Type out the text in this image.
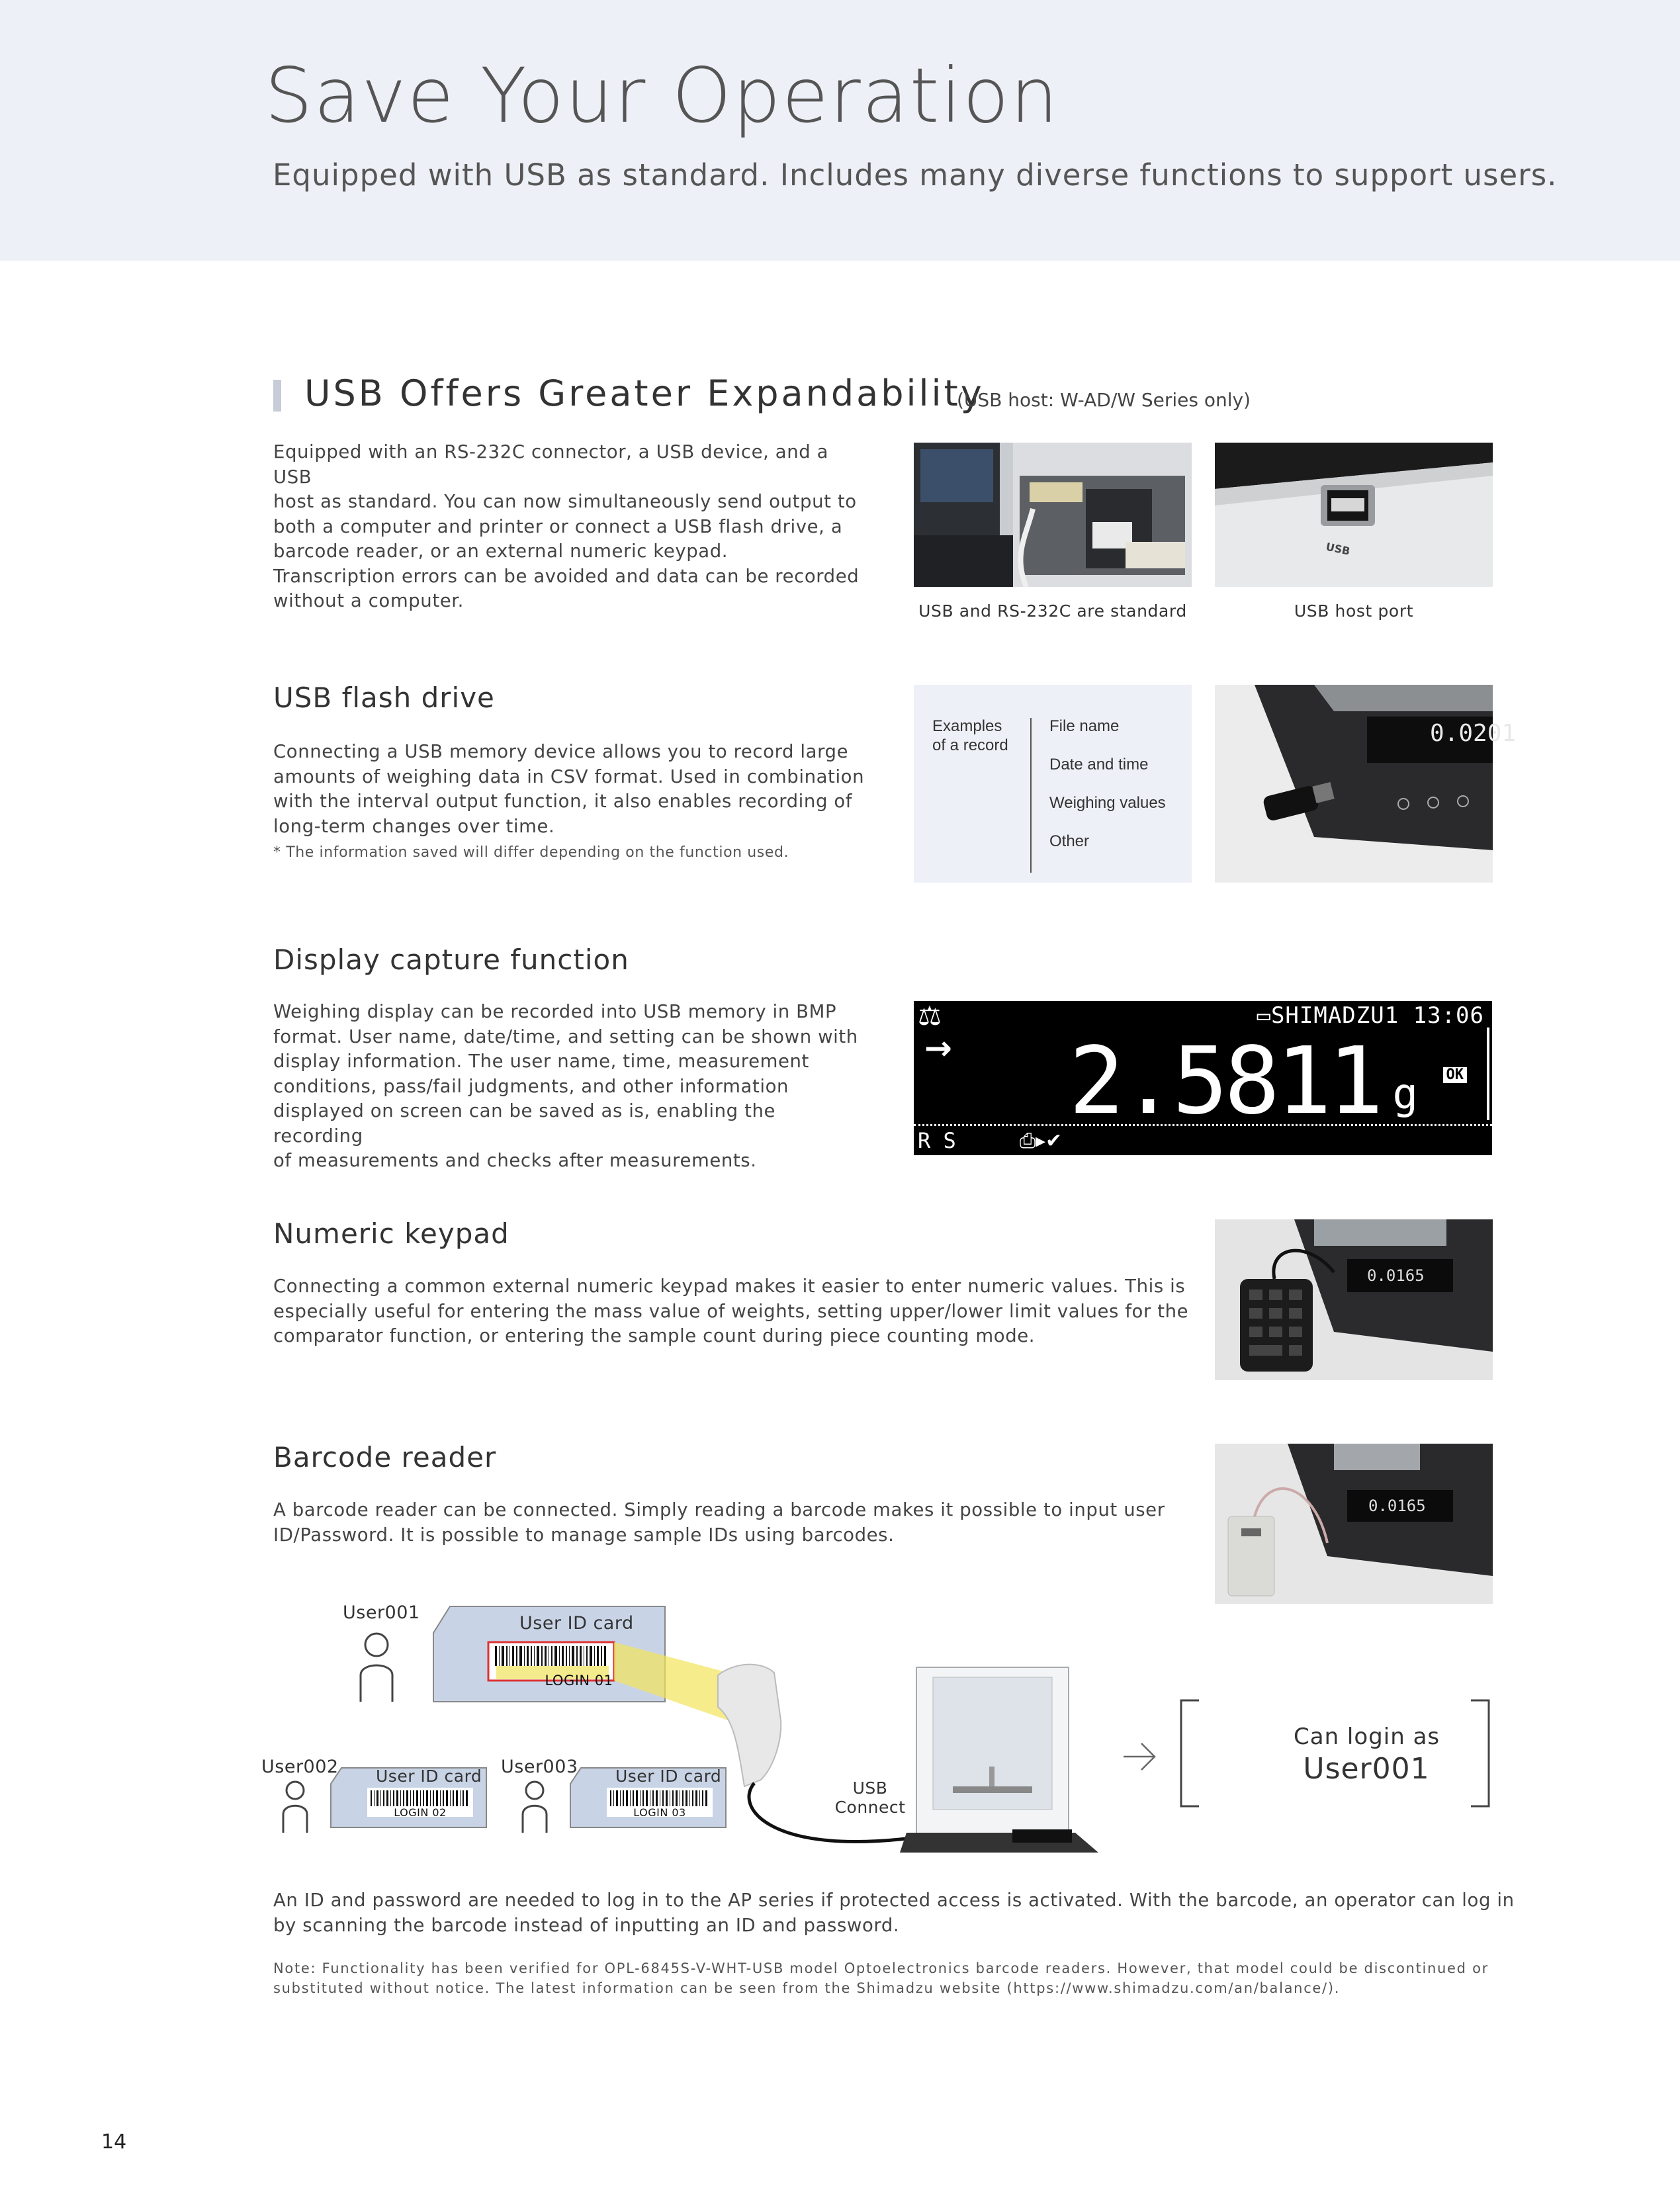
Save Your Operation
Equipped with USB as standard. Includes many diverse functions to support users.
USB Offers Greater Expandability
(USB host: W-AD/W Series only)
Equipped with an RS-232C connector, a USB device, and a USB
host as standard. You can now simultaneously send output to
both a computer and printer or connect a USB flash drive, a
barcode reader, or an external numeric keypad.
Transcription errors can be avoided and data can be recorded
without a computer.
USB
USB and RS-232C are standard	USB host port
USB flash drive
Connecting a USB memory device allows you to record large
amounts of weighing data in CSV format. Used in combination
with the interval output function, it also enables recording of
long-term changes over time.
* The information saved will differ depending on the function used.
Examples
of a record
File name
Date and time
Weighing values
Other
0.0201
Display capture function
Weighing display can be recorded into USB memory in BMP
format. User name, date/time, and setting can be shown with
display information. The user name, time, measurement
conditions, pass/fail judgments, and other information
displayed on screen can be saved as is, enabling the recording
of measurements and checks after measurements.
⚖
→
▭SHIMADZU1 13:06
2.5811 g OK
R S	⎙▸✔
Numeric keypad
Connecting a common external numeric keypad makes it easier to enter numeric values. This is
especially useful for entering the mass value of weights, setting upper/lower limit values for the
comparator function, or entering the sample count during piece counting mode.
0.0165
Barcode reader
A barcode reader can be connected. Simply reading a barcode makes it possible to input user
ID/Password. It is possible to manage sample IDs using barcodes.
0.0165
User001
User ID card
LOGIN 01
User002 User ID card
LOGIN 02
User003 User ID card
LOGIN 03
USB
Connect
Can login as
User001
An ID and password are needed to log in to the AP series if protected access is activated. With the barcode, an operator can log in
by scanning the barcode instead of inputting an ID and password.
Note: Functionality has been verified for OPL-6845S-V-WHT-USB model Optoelectronics barcode readers. However, that model could be discontinued or
substituted without notice. The latest information can be seen from the Shimadzu website (https://www.shimadzu.com/an/balance/).
14
